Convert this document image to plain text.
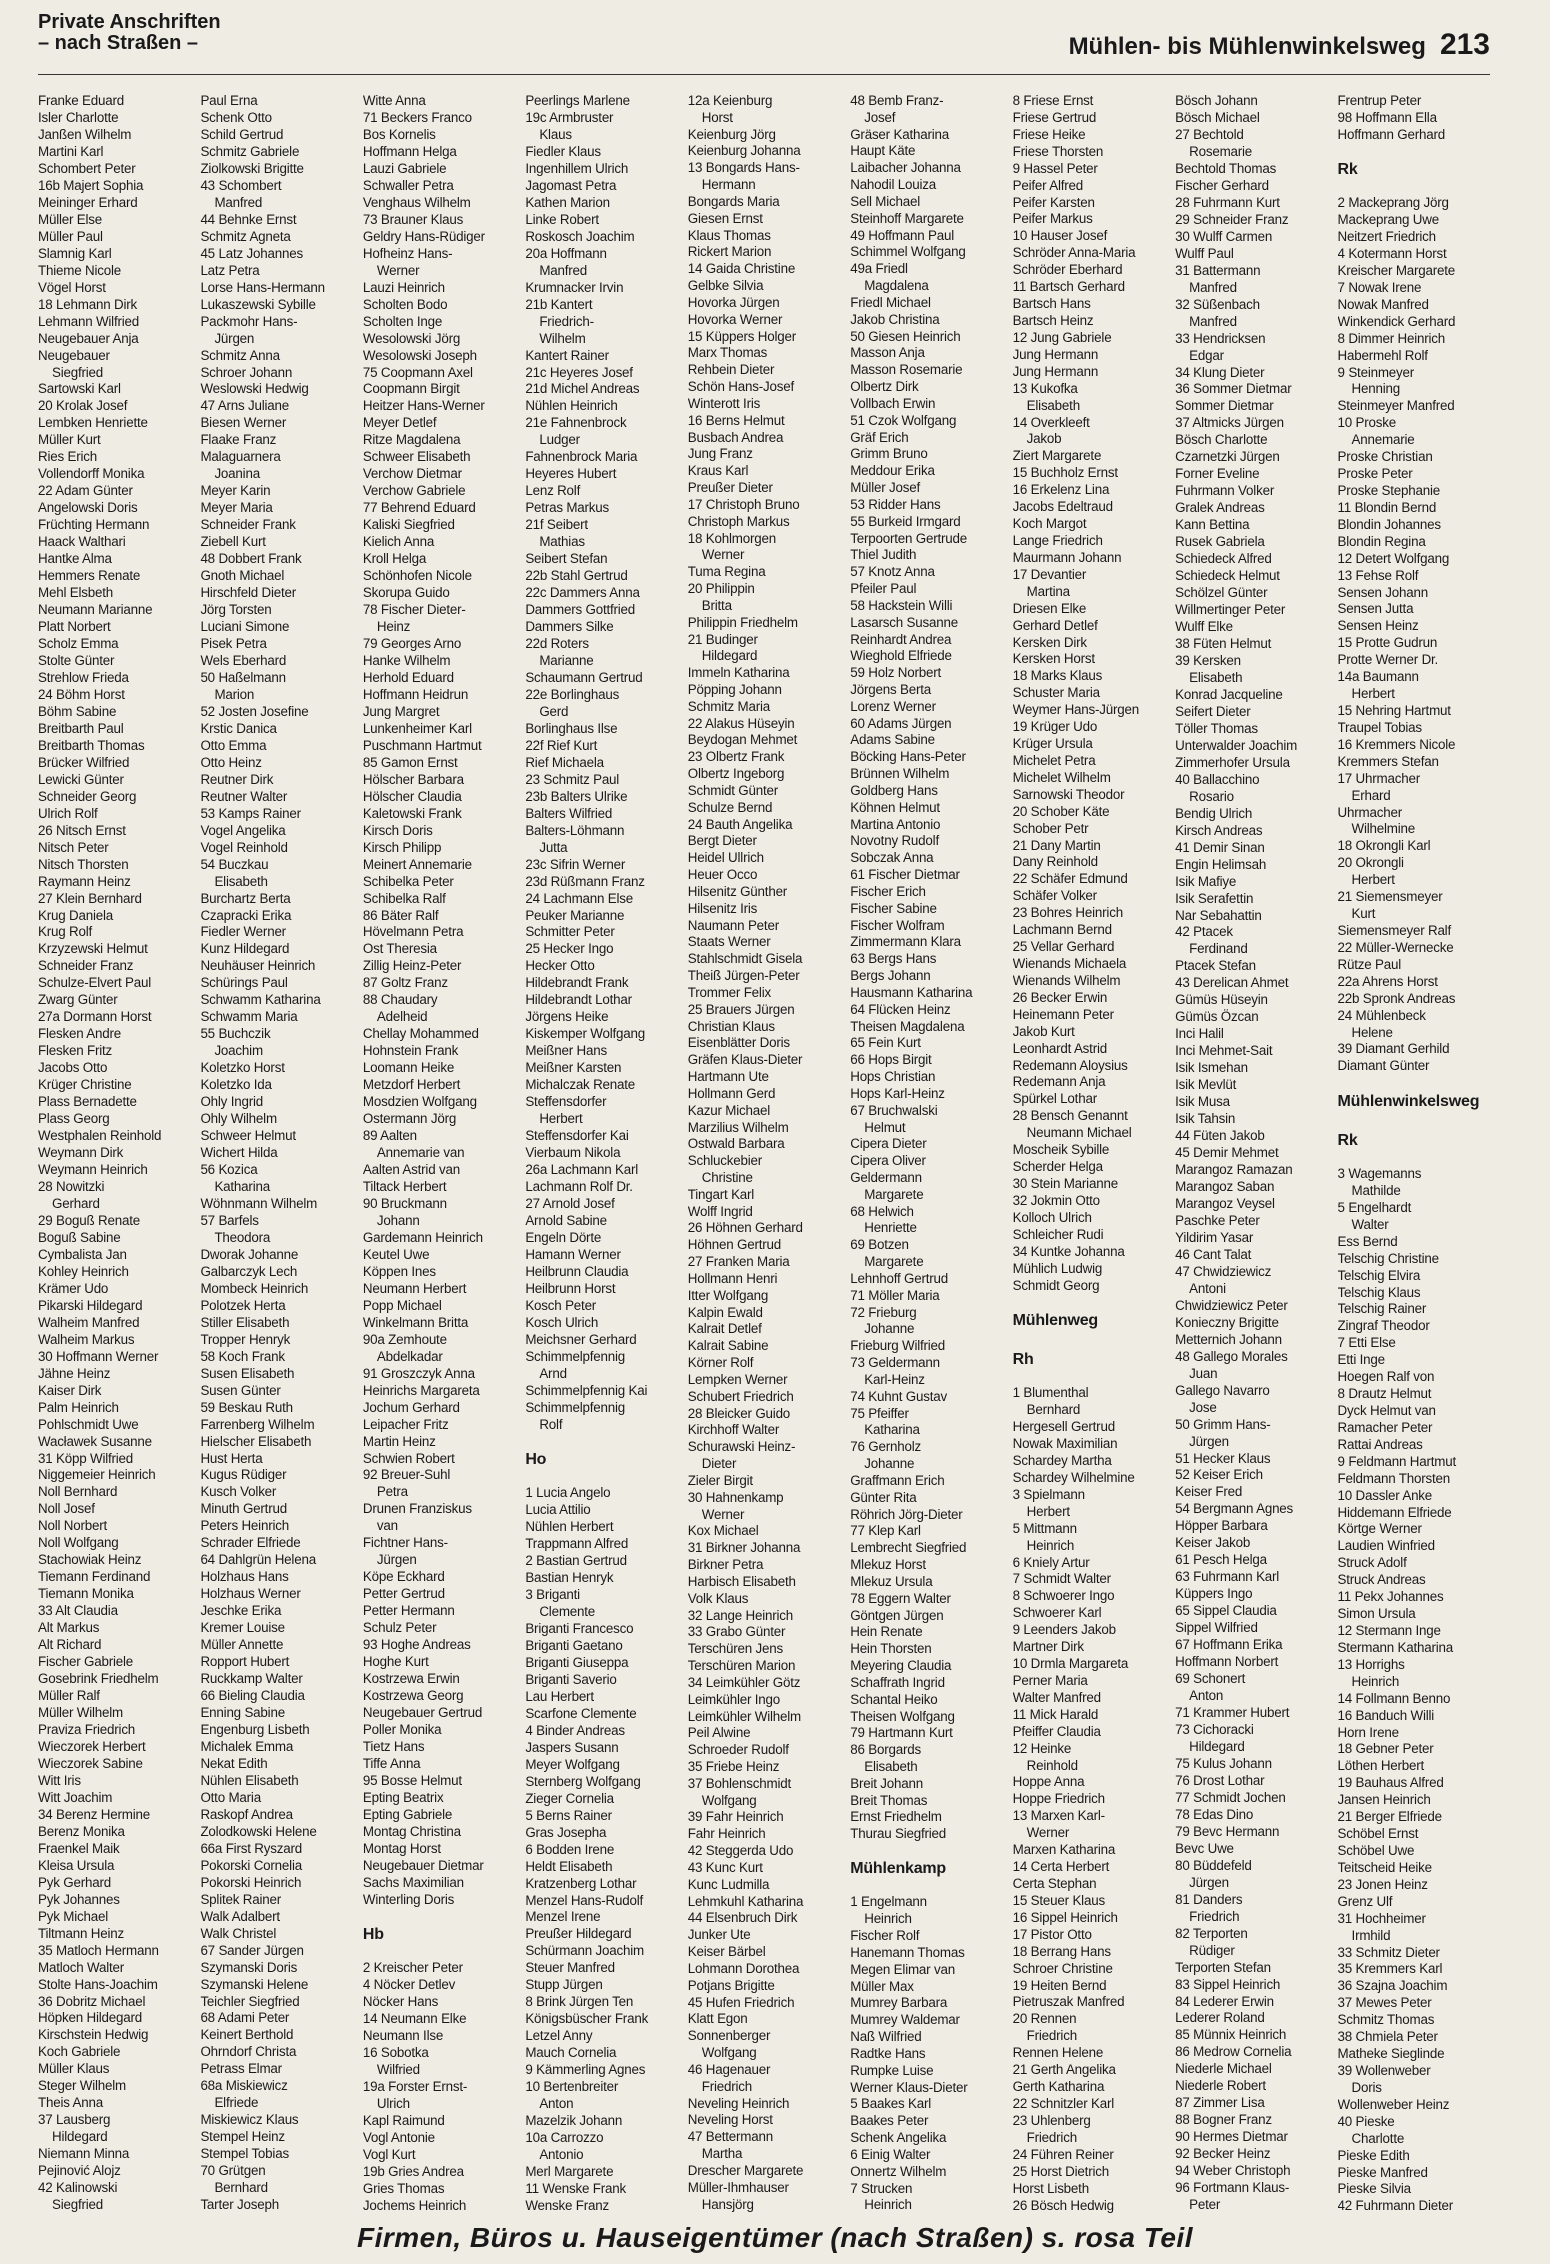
Private Anschriften
– nach Straßen –	Mühlen- bis Mühlenwinkelsweg 213
Franke Eduard
Isler Charlotte
Janßen Wilhelm
Martini Karl
Schombert Peter
16b Majert Sophia
Meininger Erhard
Müller Else
Müller Paul
Slamnig Karl
Thieme Nicole
Vögel Horst
18 Lehmann Dirk
Lehmann Wilfried
Neugebauer Anja
Neugebauer
Siegfried
Sartowski Karl
20 Krolak Josef
Lembken Henriette
Müller Kurt
Ries Erich
Vollendorff Monika
22 Adam Günter
Angelowski Doris
Früchting Hermann
Haack Walthari
Hantke Alma
Hemmers Renate
Mehl Elsbeth
Neumann Marianne
Platt Norbert
Scholz Emma
Stolte Günter
Strehlow Frieda
24 Böhm Horst
Böhm Sabine
Breitbarth Paul
Breitbarth Thomas
Brücker Wilfried
Lewicki Günter
Schneider Georg
Ulrich Rolf
26 Nitsch Ernst
Nitsch Peter
Nitsch Thorsten
Raymann Heinz
27 Klein Bernhard
Krug Daniela
Krug Rolf
Krzyzewski Helmut
Schneider Franz
Schulze-Elvert Paul
Zwarg Günter
27a Dormann Horst
Flesken Andre
Flesken Fritz
Jacobs Otto
Krüger Christine
Plass Bernadette
Plass Georg
Westphalen Reinhold
Weymann Dirk
Weymann Heinrich
28 Nowitzki
Gerhard
29 Boguß Renate
Boguß Sabine
Cymbalista Jan
Kohley Heinrich
Krämer Udo
Pikarski Hildegard
Walheim Manfred
Walheim Markus
30 Hoffmann Werner
Jähne Heinz
Kaiser Dirk
Palm Heinrich
Pohlschmidt Uwe
Wacławek Susanne
31 Köpp Wilfried
Niggemeier Heinrich
Noll Bernhard
Noll Josef
Noll Norbert
Noll Wolfgang
Stachowiak Heinz
Tiemann Ferdinand
Tiemann Monika
33 Alt Claudia
Alt Markus
Alt Richard
Fischer Gabriele
Gosebrink Friedhelm
Müller Ralf
Müller Wilhelm
Praviza Friedrich
Wieczorek Herbert
Wieczorek Sabine
Witt Iris
Witt Joachim
34 Berenz Hermine
Berenz Monika
Fraenkel Maik
Kleisa Ursula
Pyk Gerhard
Pyk Johannes
Pyk Michael
Tiltmann Heinz
35 Matloch Hermann
Matloch Walter
Stolte Hans-Joachim
36 Dobritz Michael
Höpken Hildegard
Kirschstein Hedwig
Koch Gabriele
Müller Klaus
Steger Wilhelm
Theis Anna
37 Lausberg
Hildegard
Niemann Minna
Pejinović Alojz
42 Kalinowski
Siegfried
Paul Erna
Schenk Otto
Schild Gertrud
Schmitz Gabriele
Ziolkowski Brigitte
43 Schombert
Manfred
44 Behnke Ernst
Schmitz Agneta
45 Latz Johannes
Latz Petra
Lorse Hans-Hermann
Lukaszewski Sybille
Packmohr Hans-
Jürgen
Schmitz Anna
Schroer Johann
Weslowski Hedwig
47 Arns Juliane
Biesen Werner
Flaake Franz
Malaguarnera
Joanina
Meyer Karin
Meyer Maria
Schneider Frank
Ziebell Kurt
48 Dobbert Frank
Gnoth Michael
Hirschfeld Dieter
Jörg Torsten
Luciani Simone
Pisek Petra
Wels Eberhard
50 Haßelmann
Marion
52 Josten Josefine
Krstic Danica
Otto Emma
Otto Heinz
Reutner Dirk
Reutner Walter
53 Kamps Rainer
Vogel Angelika
Vogel Reinhold
54 Buczkau
Elisabeth
Burchartz Berta
Czapracki Erika
Fiedler Werner
Kunz Hildegard
Neuhäuser Heinrich
Schürings Paul
Schwamm Katharina
Schwamm Maria
55 Buchczik
Joachim
Koletzko Horst
Koletzko Ida
Ohly Ingrid
Ohly Wilhelm
Schweer Helmut
Wichert Hilda
56 Kozica
Katharina
Wöhnmann Wilhelm
57 Barfels
Theodora
Dworak Johanne
Galbarczyk Lech
Mombeck Heinrich
Polotzek Herta
Stiller Elisabeth
Tropper Henryk
58 Koch Frank
Susen Elisabeth
Susen Günter
59 Beskau Ruth
Farrenberg Wilhelm
Hielscher Elisabeth
Hust Herta
Kugus Rüdiger
Kusch Volker
Minuth Gertrud
Peters Heinrich
Schrader Elfriede
64 Dahlgrün Helena
Holzhaus Hans
Holzhaus Werner
Jeschke Erika
Kremer Louise
Müller Annette
Ropport Hubert
Ruckkamp Walter
66 Bieling Claudia
Enning Sabine
Engenburg Lisbeth
Michalek Emma
Nekat Edith
Nühlen Elisabeth
Otto Maria
Raskopf Andrea
Zolodkowski Helene
66a First Ryszard
Pokorski Cornelia
Pokorski Heinrich
Splitek Rainer
Walk Adalbert
Walk Christel
67 Sander Jürgen
Szymanski Doris
Szymanski Helene
Teichler Siegfried
68 Adami Peter
Keinert Berthold
Ohrndorf Christa
Petrass Elmar
68a Miskiewicz
Elfriede
Miskiewicz Klaus
Stempel Heinz
Stempel Tobias
70 Grütgen
Bernhard
Tarter Joseph
Witte Anna
71 Beckers Franco
Bos Kornelis
Hoffmann Helga
Lauzi Gabriele
Schwaller Petra
Venghaus Wilhelm
73 Brauner Klaus
Geldry Hans-Rüdiger
Hofheinz Hans-
Werner
Lauzi Heinrich
Scholten Bodo
Scholten Inge
Wesolowski Jörg
Wesolowski Joseph
75 Coopmann Axel
Coopmann Birgit
Heitzer Hans-Werner
Meyer Detlef
Ritze Magdalena
Schweer Elisabeth
Verchow Dietmar
Verchow Gabriele
77 Behrend Eduard
Kaliski Siegfried
Kielich Anna
Kroll Helga
Schönhofen Nicole
Skorupa Guido
78 Fischer Dieter-
Heinz
79 Georges Arno
Hanke Wilhelm
Herhold Eduard
Hoffmann Heidrun
Jung Margret
Lunkenheimer Karl
Puschmann Hartmut
85 Gamon Ernst
Hölscher Barbara
Hölscher Claudia
Kaletowski Frank
Kirsch Doris
Kirsch Philipp
Meinert Annemarie
Schibelka Peter
Schibelka Ralf
86 Bäter Ralf
Hövelmann Petra
Ost Theresia
Zillig Heinz-Peter
87 Goltz Franz
88 Chaudary
Adelheid
Chellay Mohammed
Hohnstein Frank
Loomann Heike
Metzdorf Herbert
Mosdzien Wolfgang
Ostermann Jörg
89 Aalten
Annemarie van
Aalten Astrid van
Tiltack Herbert
90 Bruckmann
Johann
Gardemann Heinrich
Keutel Uwe
Köppen Ines
Neumann Herbert
Popp Michael
Winkelmann Britta
90a Zemhoute
Abdelkadar
91 Groszczyk Anna
Heinrichs Margareta
Jochum Gerhard
Leipacher Fritz
Martin Heinz
Schwien Robert
92 Breuer-Suhl
Petra
Drunen Franziskus
van
Fichtner Hans-
Jürgen
Köpe Eckhard
Petter Gertrud
Petter Hermann
Schulz Peter
93 Hoghe Andreas
Hoghe Kurt
Kostrzewa Erwin
Kostrzewa Georg
Neugebauer Gertrud
Poller Monika
Tietz Hans
Tiffe Anna
95 Bosse Helmut
Epting Beatrix
Epting Gabriele
Montag Christina
Montag Horst
Neugebauer Dietmar
Sachs Maximilian
Winterling Doris
Hb
2 Kreischer Peter
4 Nöcker Detlev
Nöcker Hans
14 Neumann Elke
Neumann Ilse
16 Sobotka
Wilfried
19a Forster Ernst-
Ulrich
Kapl Raimund
Vogl Antonie
Vogl Kurt
19b Gries Andrea
Gries Thomas
Jochems Heinrich
Peerlings Marlene
19c Armbruster
Klaus
Fiedler Klaus
Ingenhillem Ulrich
Jagomast Petra
Kathen Marion
Linke Robert
Roskosch Joachim
20a Hoffmann
Manfred
Krumnacker Irvin
21b Kantert
Friedrich-
Wilhelm
Kantert Rainer
21c Heyeres Josef
21d Michel Andreas
Nühlen Heinrich
21e Fahnenbrock
Ludger
Fahnenbrock Maria
Heyeres Hubert
Lenz Rolf
Petras Markus
21f Seibert
Mathias
Seibert Stefan
22b Stahl Gertrud
22c Dammers Anna
Dammers Gottfried
Dammers Silke
22d Roters
Marianne
Schaumann Gertrud
22e Borlinghaus
Gerd
Borlinghaus Ilse
22f Rief Kurt
Rief Michaela
23 Schmitz Paul
23b Balters Ulrike
Balters Wilfried
Balters-Löhmann
Jutta
23c Sifrin Werner
23d Rüßmann Franz
24 Lachmann Else
Peuker Marianne
Schmitter Peter
25 Hecker Ingo
Hecker Otto
Hildebrandt Frank
Hildebrandt Lothar
Jörgens Heike
Kiskemper Wolfgang
Meißner Hans
Meißner Karsten
Michalczak Renate
Steffensdorfer
Herbert
Steffensdorfer Kai
Vierbaum Nikola
26a Lachmann Karl
Lachmann Rolf Dr.
27 Arnold Josef
Arnold Sabine
Engeln Dörte
Hamann Werner
Heilbrunn Claudia
Heilbrunn Horst
Kosch Peter
Kosch Ulrich
Meichsner Gerhard
Schimmelpfennig
Arnd
Schimmelpfennig Kai
Schimmelpfennig
Rolf
Ho
1 Lucia Angelo
Lucia Attilio
Nühlen Herbert
Trappmann Alfred
2 Bastian Gertrud
Bastian Henryk
3 Briganti
Clemente
Briganti Francesco
Briganti Gaetano
Briganti Giuseppa
Briganti Saverio
Lau Herbert
Scarfone Clemente
4 Binder Andreas
Jaspers Susann
Meyer Wolfgang
Sternberg Wolfgang
Zieger Cornelia
5 Berns Rainer
Gras Josepha
6 Bodden Irene
Heldt Elisabeth
Kratzenberg Lothar
Menzel Hans-Rudolf
Menzel Irene
Preußer Hildegard
Schürmann Joachim
Steuer Manfred
Stupp Jürgen
8 Brink Jürgen Ten
Königsbüscher Frank
Letzel Anny
Mauch Cornelia
9 Kämmerling Agnes
10 Bertenbreiter
Anton
Mazelzik Johann
10a Carrozzo
Antonio
Merl Margarete
11 Wenske Frank
Wenske Franz
12a Keienburg
Horst
Keienburg Jörg
Keienburg Johanna
13 Bongards Hans-
Hermann
Bongards Maria
Giesen Ernst
Klaus Thomas
Rickert Marion
14 Gaida Christine
Gelbke Silvia
Hovorka Jürgen
Hovorka Werner
15 Küppers Holger
Marx Thomas
Rehbein Dieter
Schön Hans-Josef
Winterott Iris
16 Berns Helmut
Busbach Andrea
Jung Franz
Kraus Karl
Preußer Dieter
17 Christoph Bruno
Christoph Markus
18 Kohlmorgen
Werner
Tuma Regina
20 Philippin
Britta
Philippin Friedhelm
21 Budinger
Hildegard
Immeln Katharina
Pöpping Johann
Schmitz Maria
22 Alakus Hüseyin
Beydogan Mehmet
23 Olbertz Frank
Olbertz Ingeborg
Schmidt Günter
Schulze Bernd
24 Bauth Angelika
Bergt Dieter
Heidel Ullrich
Heuer Occo
Hilsenitz Günther
Hilsenitz Iris
Naumann Peter
Staats Werner
Stahlschmidt Gisela
Theiß Jürgen-Peter
Trommer Felix
25 Brauers Jürgen
Christian Klaus
Eisenblätter Doris
Gräfen Klaus-Dieter
Hartmann Ute
Hollmann Gerd
Kazur Michael
Marzilius Wilhelm
Ostwald Barbara
Schluckebier
Christine
Tingart Karl
Wolff Ingrid
26 Höhnen Gerhard
Höhnen Gertrud
27 Franken Maria
Hollmann Henri
Itter Wolfgang
Kalpin Ewald
Kalrait Detlef
Kalrait Sabine
Körner Rolf
Lempken Werner
Schubert Friedrich
28 Bleicker Guido
Kirchhoff Walter
Schurawski Heinz-
Dieter
Zieler Birgit
30 Hahnenkamp
Werner
Kox Michael
31 Birkner Johanna
Birkner Petra
Harbisch Elisabeth
Volk Klaus
32 Lange Heinrich
33 Grabo Günter
Terschüren Jens
Terschüren Marion
34 Leimkühler Götz
Leimkühler Ingo
Leimkühler Wilhelm
Peil Alwine
Schroeder Rudolf
35 Friebe Heinz
37 Bohlenschmidt
Wolfgang
39 Fahr Heinrich
Fahr Heinrich
42 Steggerda Udo
43 Kunc Kurt
Kunc Ludmilla
Lehmkuhl Katharina
44 Elsenbruch Dirk
Junker Ute
Keiser Bärbel
Lohmann Dorothea
Potjans Brigitte
45 Hufen Friedrich
Klatt Egon
Sonnenberger
Wolfgang
46 Hagenauer
Friedrich
Neveling Heinrich
Neveling Horst
47 Bettermann
Martha
Drescher Margarete
Müller-Ihmhauser
Hansjörg
48 Bemb Franz-
Josef
Gräser Katharina
Haupt Käte
Laibacher Johanna
Nahodil Louiza
Sell Michael
Steinhoff Margarete
49 Hoffmann Paul
Schimmel Wolfgang
49a Friedl
Magdalena
Friedl Michael
Jakob Christina
50 Giesen Heinrich
Masson Anja
Masson Rosemarie
Olbertz Dirk
Vollbach Erwin
51 Czok Wolfgang
Gräf Erich
Grimm Bruno
Meddour Erika
Müller Josef
53 Ridder Hans
55 Burkeid Irmgard
Terpoorten Gertrude
Thiel Judith
57 Knotz Anna
Pfeiler Paul
58 Hackstein Willi
Lasarsch Susanne
Reinhardt Andrea
Wieghold Elfriede
59 Holz Norbert
Jörgens Berta
Lorenz Werner
60 Adams Jürgen
Adams Sabine
Böcking Hans-Peter
Brünnen Wilhelm
Goldberg Hans
Köhnen Helmut
Martina Antonio
Novotny Rudolf
Sobczak Anna
61 Fischer Dietmar
Fischer Erich
Fischer Sabine
Fischer Wolfram
Zimmermann Klara
63 Bergs Hans
Bergs Johann
Hausmann Katharina
64 Flücken Heinz
Theisen Magdalena
65 Fein Kurt
66 Hops Birgit
Hops Christian
Hops Karl-Heinz
67 Bruchwalski
Helmut
Cipera Dieter
Cipera Oliver
Geldermann
Margarete
68 Helwich
Henriette
69 Botzen
Margarete
Lehnhoff Gertrud
71 Möller Maria
72 Frieburg
Johanne
Frieburg Wilfried
73 Geldermann
Karl-Heinz
74 Kuhnt Gustav
75 Pfeiffer
Katharina
76 Gernholz
Johanne
Graffmann Erich
Günter Rita
Röhrich Jörg-Dieter
77 Klep Karl
Lembrecht Siegfried
Mlekuz Horst
Mlekuz Ursula
78 Eggern Walter
Göntgen Jürgen
Hein Renate
Hein Thorsten
Meyering Claudia
Schaffrath Ingrid
Schantal Heiko
Theisen Wolfgang
79 Hartmann Kurt
86 Borgards
Elisabeth
Breit Johann
Breit Thomas
Ernst Friedhelm
Thurau Siegfried
Mühlenkamp
1 Engelmann
Heinrich
Fischer Rolf
Hanemann Thomas
Megen Elimar van
Müller Max
Mumrey Barbara
Mumrey Waldemar
Naß Wilfried
Radtke Hans
Rumpke Luise
Werner Klaus-Dieter
5 Baakes Karl
Baakes Peter
Schenk Angelika
6 Einig Walter
Onnertz Wilhelm
7 Strucken
Heinrich
8 Friese Ernst
Friese Gertrud
Friese Heike
Friese Thorsten
9 Hassel Peter
Peifer Alfred
Peifer Karsten
Peifer Markus
10 Hauser Josef
Schröder Anna-Maria
Schröder Eberhard
11 Bartsch Gerhard
Bartsch Hans
Bartsch Heinz
12 Jung Gabriele
Jung Hermann
Jung Hermann
13 Kukofka
Elisabeth
14 Overkleeft
Jakob
Ziert Margarete
15 Buchholz Ernst
16 Erkelenz Lina
Jacobs Edeltraud
Koch Margot
Lange Friedrich
Maurmann Johann
17 Devantier
Martina
Driesen Elke
Gerhard Detlef
Kersken Dirk
Kersken Horst
18 Marks Klaus
Schuster Maria
Weymer Hans-Jürgen
19 Krüger Udo
Krüger Ursula
Michelet Petra
Michelet Wilhelm
Sarnowski Theodor
20 Schober Käte
Schober Petr
21 Dany Martin
Dany Reinhold
22 Schäfer Edmund
Schäfer Volker
23 Bohres Heinrich
Lachmann Bernd
25 Vellar Gerhard
Wienands Michaela
Wienands Wilhelm
26 Becker Erwin
Heinemann Peter
Jakob Kurt
Leonhardt Astrid
Redemann Aloysius
Redemann Anja
Spürkel Lothar
28 Bensch Genannt
Neumann Michael
Moscheik Sybille
Scherder Helga
30 Stein Marianne
32 Jokmin Otto
Kolloch Ulrich
Schleicher Rudi
34 Kuntke Johanna
Mühlich Ludwig
Schmidt Georg
Mühlenweg
Rh
1 Blumenthal
Bernhard
Hergesell Gertrud
Nowak Maximilian
Schardey Martha
Schardey Wilhelmine
3 Spielmann
Herbert
5 Mittmann
Heinrich
6 Kniely Artur
7 Schmidt Walter
8 Schwoerer Ingo
Schwoerer Karl
9 Leenders Jakob
Martner Dirk
10 Drmla Margareta
Perner Maria
Walter Manfred
11 Mick Harald
Pfeiffer Claudia
12 Heinke
Reinhold
Hoppe Anna
Hoppe Friedrich
13 Marxen Karl-
Werner
Marxen Katharina
14 Certa Herbert
Certa Stephan
15 Steuer Klaus
16 Sippel Heinrich
17 Pistor Otto
18 Berrang Hans
Schroer Christine
19 Heiten Bernd
Pietruszak Manfred
20 Rennen
Friedrich
Rennen Helene
21 Gerth Angelika
Gerth Katharina
22 Schnitzler Karl
23 Uhlenberg
Friedrich
24 Führen Reiner
25 Horst Dietrich
Horst Lisbeth
26 Bösch Hedwig
Bösch Johann
Bösch Michael
27 Bechtold
Rosemarie
Bechtold Thomas
Fischer Gerhard
28 Fuhrmann Kurt
29 Schneider Franz
30 Wulff Carmen
Wulff Paul
31 Battermann
Manfred
32 Süßenbach
Manfred
33 Hendricksen
Edgar
34 Klung Dieter
36 Sommer Dietmar
Sommer Dietmar
37 Altmicks Jürgen
Bösch Charlotte
Czarnetzki Jürgen
Forner Eveline
Fuhrmann Volker
Gralek Andreas
Kann Bettina
Rusek Gabriela
Schiedeck Alfred
Schiedeck Helmut
Schölzel Günter
Willmertinger Peter
Wulff Elke
38 Füten Helmut
39 Kersken
Elisabeth
Konrad Jacqueline
Seifert Dieter
Töller Thomas
Unterwalder Joachim
Zimmerhofer Ursula
40 Ballacchino
Rosario
Bendig Ulrich
Kirsch Andreas
41 Demir Sinan
Engin Helimsah
Isik Mafiye
Isik Serafettin
Nar Sebahattin
42 Ptacek
Ferdinand
Ptacek Stefan
43 Derelican Ahmet
Gümüs Hüseyin
Gümüs Özcan
Inci Halil
Inci Mehmet-Sait
Isik Ismehan
Isik Mevlüt
Isik Musa
Isik Tahsin
44 Füten Jakob
45 Demir Mehmet
Marangoz Ramazan
Marangoz Saban
Marangoz Veysel
Paschke Peter
Yildirim Yasar
46 Cant Talat
47 Chwidziewicz
Antoni
Chwidziewicz Peter
Konieczny Brigitte
Metternich Johann
48 Gallego Morales
Juan
Gallego Navarro
Jose
50 Grimm Hans-
Jürgen
51 Hecker Klaus
52 Keiser Erich
Keiser Fred
54 Bergmann Agnes
Höpper Barbara
Keiser Jakob
61 Pesch Helga
63 Fuhrmann Karl
Küppers Ingo
65 Sippel Claudia
Sippel Wilfried
67 Hoffmann Erika
Hoffmann Norbert
69 Schonert
Anton
71 Krammer Hubert
73 Cichoracki
Hildegard
75 Kulus Johann
76 Drost Lothar
77 Schmidt Jochen
78 Edas Dino
79 Bevc Hermann
Bevc Uwe
80 Büddefeld
Jürgen
81 Danders
Friedrich
82 Terporten
Rüdiger
Terporten Stefan
83 Sippel Heinrich
84 Lederer Erwin
Lederer Roland
85 Münnix Heinrich
86 Medrow Cornelia
Niederle Michael
Niederle Robert
87 Zimmer Lisa
88 Bogner Franz
90 Hermes Dietmar
92 Becker Heinz
94 Weber Christoph
96 Fortmann Klaus-
Peter
Frentrup Peter
98 Hoffmann Ella
Hoffmann Gerhard
Rk
2 Mackeprang Jörg
Mackeprang Uwe
Neitzert Friedrich
4 Kotermann Horst
Kreischer Margarete
7 Nowak Irene
Nowak Manfred
Winkendick Gerhard
8 Dimmer Heinrich
Habermehl Rolf
9 Steinmeyer
Henning
Steinmeyer Manfred
10 Proske
Annemarie
Proske Christian
Proske Peter
Proske Stephanie
11 Blondin Bernd
Blondin Johannes
Blondin Regina
12 Detert Wolfgang
13 Fehse Rolf
Sensen Johann
Sensen Jutta
Sensen Heinz
15 Protte Gudrun
Protte Werner Dr.
14a Baumann
Herbert
15 Nehring Hartmut
Traupel Tobias
16 Kremmers Nicole
Kremmers Stefan
17 Uhrmacher
Erhard
Uhrmacher
Wilhelmine
18 Okrongli Karl
20 Okrongli
Herbert
21 Siemensmeyer
Kurt
Siemensmeyer Ralf
22 Müller-Wernecke
Rütze Paul
22a Ahrens Horst
22b Spronk Andreas
24 Mühlenbeck
Helene
39 Diamant Gerhild
Diamant Günter
Mühlenwinkelsweg
Rk
3 Wagemanns
Mathilde
5 Engelhardt
Walter
Ess Bernd
Telschig Christine
Telschig Elvira
Telschig Klaus
Telschig Rainer
Zingraf Theodor
7 Etti Else
Etti Inge
Hoegen Ralf von
8 Drautz Helmut
Dyck Helmut van
Ramacher Peter
Rattai Andreas
9 Feldmann Hartmut
Feldmann Thorsten
10 Dassler Anke
Hiddemann Elfriede
Körtge Werner
Laudien Winfried
Struck Adolf
Struck Andreas
11 Pekx Johannes
Simon Ursula
12 Stermann Inge
Stermann Katharina
13 Horrighs
Heinrich
14 Follmann Benno
16 Banduch Willi
Horn Irene
18 Gebner Peter
Löthen Herbert
19 Bauhaus Alfred
Jansen Heinrich
21 Berger Elfriede
Schöbel Ernst
Schöbel Uwe
Teitscheid Heike
23 Jonen Heinz
Grenz Ulf
31 Hochheimer
Irmhild
33 Schmitz Dieter
35 Kremmers Karl
36 Szajna Joachim
37 Mewes Peter
Schmitz Thomas
38 Chmiela Peter
Matheke Sieglinde
39 Wollenweber
Doris
Wollenweber Heinz
40 Pieske
Charlotte
Pieske Edith
Pieske Manfred
Pieske Silvia
42 Fuhrmann Dieter
Firmen, Büros u. Hauseigentümer (nach Straßen) s. rosa Teil
